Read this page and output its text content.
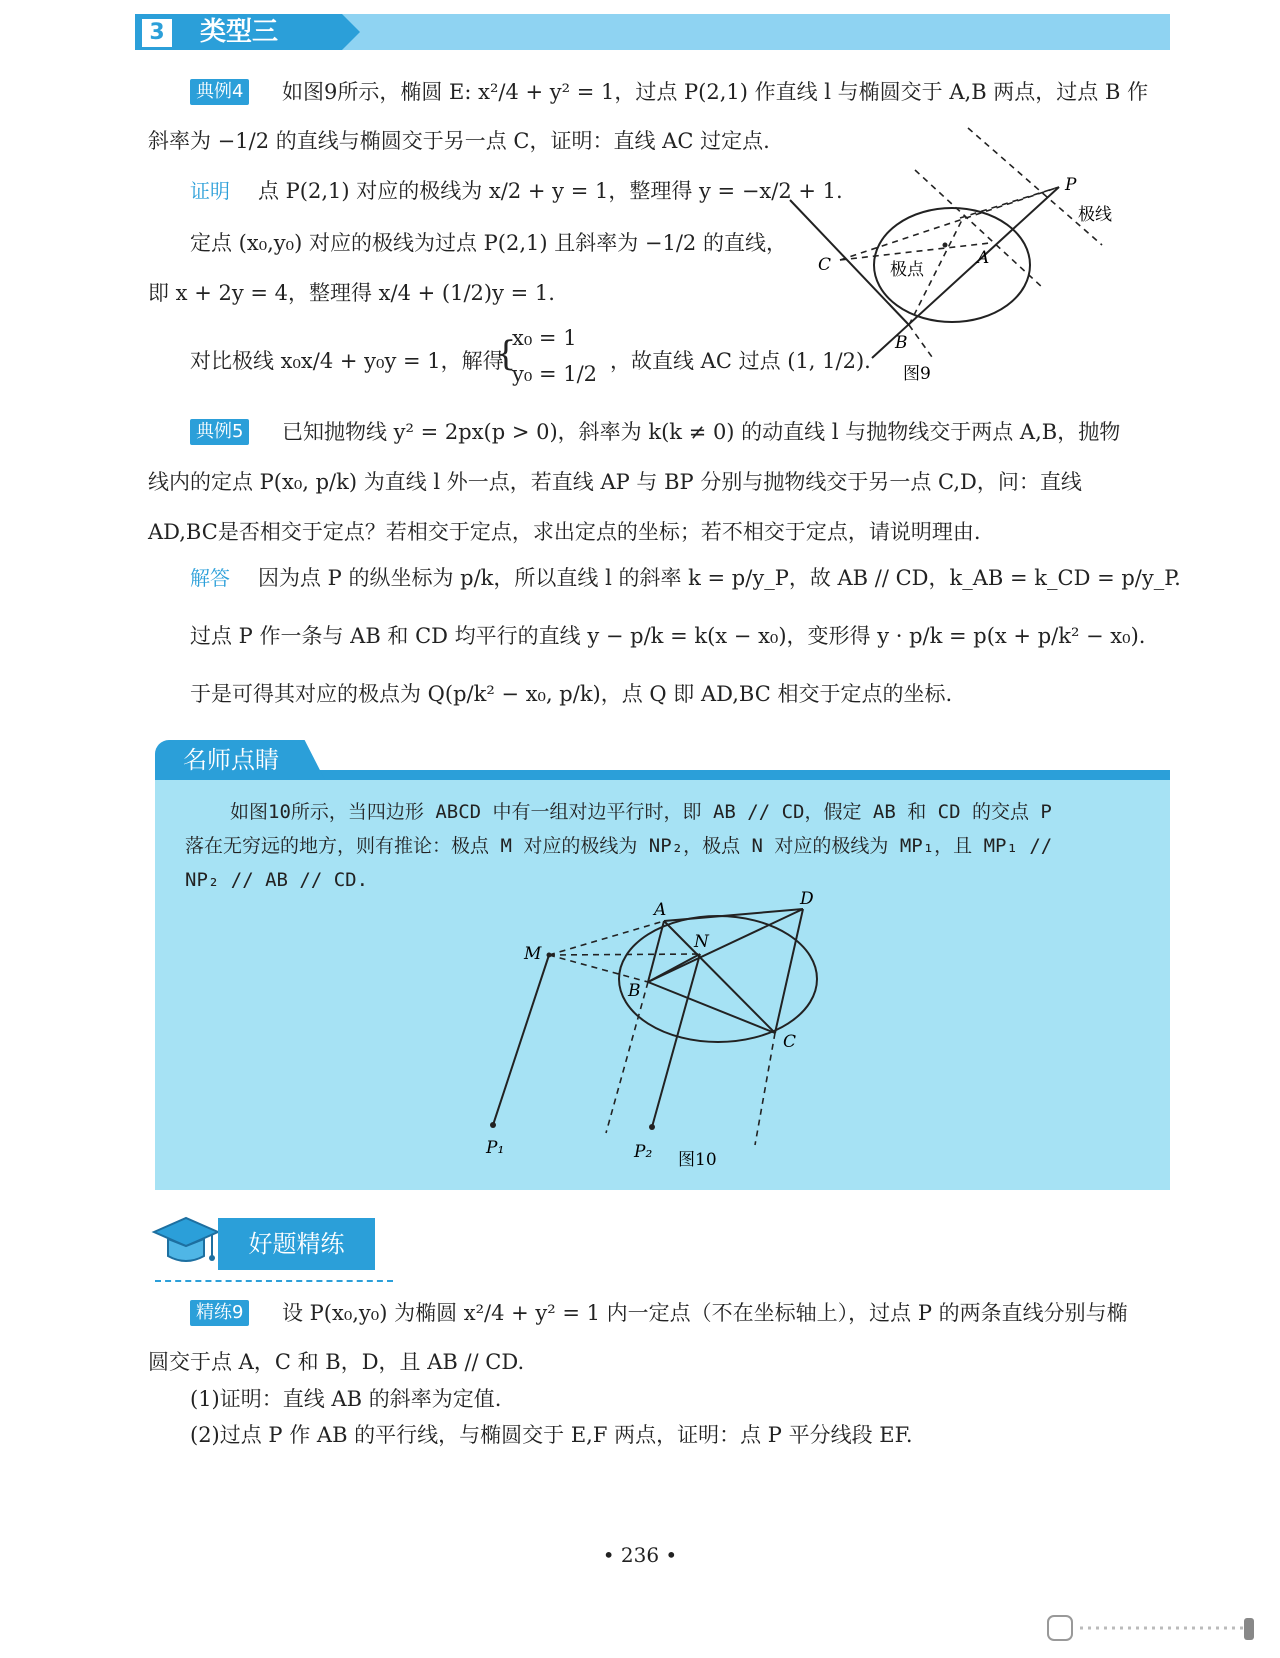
3	类型三
典例4 如图9所示，椭圆 E: x²/4 + y² = 1，过点 P(2,1) 作直线 l 与椭圆交于 A,B 两点，过点 B 作
斜率为 −1/2 的直线与椭圆交于另一点 C，证明：直线 AC 过定点.
证明 点 P(2,1) 对应的极线为 x/2 + y = 1，整理得 y = −x/2 + 1.
定点 (x₀,y₀) 对应的极线为过点 P(2,1) 且斜率为 −1/2 的直线，
即 x + 2y = 4，整理得 x/4 + (1/2)y = 1.
对比极线 x₀x/4 + y₀y = 1，解得
{
x₀ = 1
y₀ = 1/2
，故直线 AC 过点 (1, 1/2).
P
极线
A
C
B
极点
图9
典例5 已知抛物线 y² = 2px(p > 0)，斜率为 k(k ≠ 0) 的动直线 l 与抛物线交于两点 A,B，抛物
线内的定点 P(x₀, p/k) 为直线 l 外一点，若直线 AP 与 BP 分别与抛物线交于另一点 C,D，问：直线
AD,BC是否相交于定点？若相交于定点，求出定点的坐标；若不相交于定点，请说明理由.
解答 因为点 P 的纵坐标为 p/k，所以直线 l 的斜率 k = p/y_P，故 AB // CD，k_AB = k_CD = p/y_P.
过点 P 作一条与 AB 和 CD 均平行的直线 y − p/k = k(x − x₀)，变形得 y · p/k = p(x + p/k² − x₀).
于是可得其对应的极点为 Q(p/k² − x₀, p/k)，点 Q 即 AD,BC 相交于定点的坐标.
名师点睛
如图10所示，当四边形 ABCD 中有一组对边平行时，即 AB // CD，假定 AB 和 CD 的交点 P
落在无穷远的地方，则有推论：极点 M 对应的极线为 NP₂，极点 N 对应的极线为 MP₁，且 MP₁ //
NP₂ // AB // CD.
A
D
M
N
B
C
P₁	P₂ 图10
好题精练
精练9 设 P(x₀,y₀) 为椭圆 x²/4 + y² = 1 内一定点（不在坐标轴上），过点 P 的两条直线分别与椭
圆交于点 A，C 和 B，D，且 AB // CD.
(1)证明：直线 AB 的斜率为定值.
(2)过点 P 作 AB 的平行线，与椭圆交于 E,F 两点，证明：点 P 平分线段 EF.
• 236 •
